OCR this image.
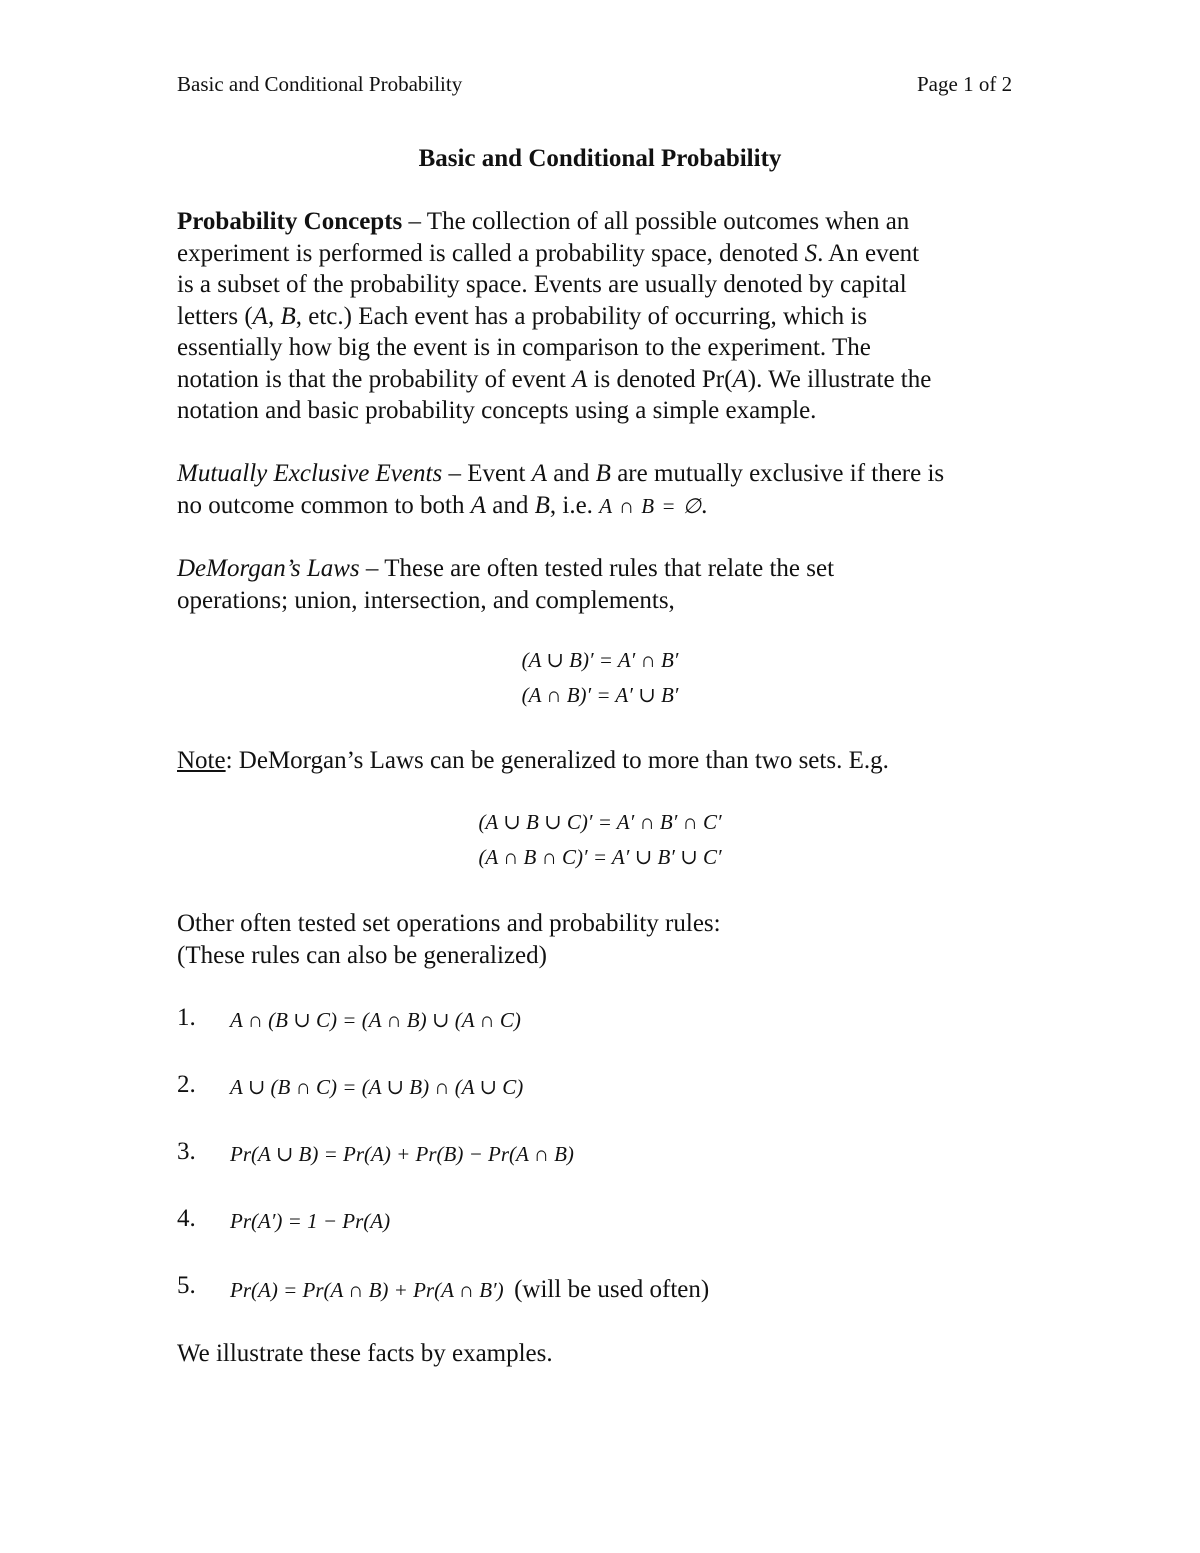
Basic and Conditional Probability	Page 1 of 2
Basic and Conditional Probability
Probability Concepts – The collection of all possible outcomes when an
experiment is performed is called a probability space, denoted S. An event
is a subset of the probability space. Events are usually denoted by capital
letters (A, B, etc.) Each event has a probability of occurring, which is
essentially how big the event is in comparison to the experiment. The
notation is that the probability of event A is denoted Pr(A). We illustrate the
notation and basic probability concepts using a simple example.
Mutually Exclusive Events – Event A and B are mutually exclusive if there is
no outcome common to both A and B, i.e. A ∩ B = ∅.
DeMorgan’s Laws – These are often tested rules that relate the set
operations; union, intersection, and complements,
(A ∪ B)′ = A′ ∩ B′
(A ∩ B)′ = A′ ∪ B′
Note: DeMorgan’s Laws can be generalized to more than two sets. E.g.
(A ∪ B ∪ C)′ = A′ ∩ B′ ∩ C′
(A ∩ B ∩ C)′ = A′ ∪ B′ ∪ C′
Other often tested set operations and probability rules:
(These rules can also be generalized)
1. A ∩ (B ∪ C) = (A ∩ B) ∪ (A ∩ C)
2. A ∪ (B ∩ C) = (A ∪ B) ∩ (A ∪ C)
3. Pr(A ∪ B) = Pr(A) + Pr(B) − Pr(A ∩ B)
4. Pr(A′) = 1 − Pr(A)
5. Pr(A) = Pr(A ∩ B) + Pr(A ∩ B′) (will be used often)
We illustrate these facts by examples.
